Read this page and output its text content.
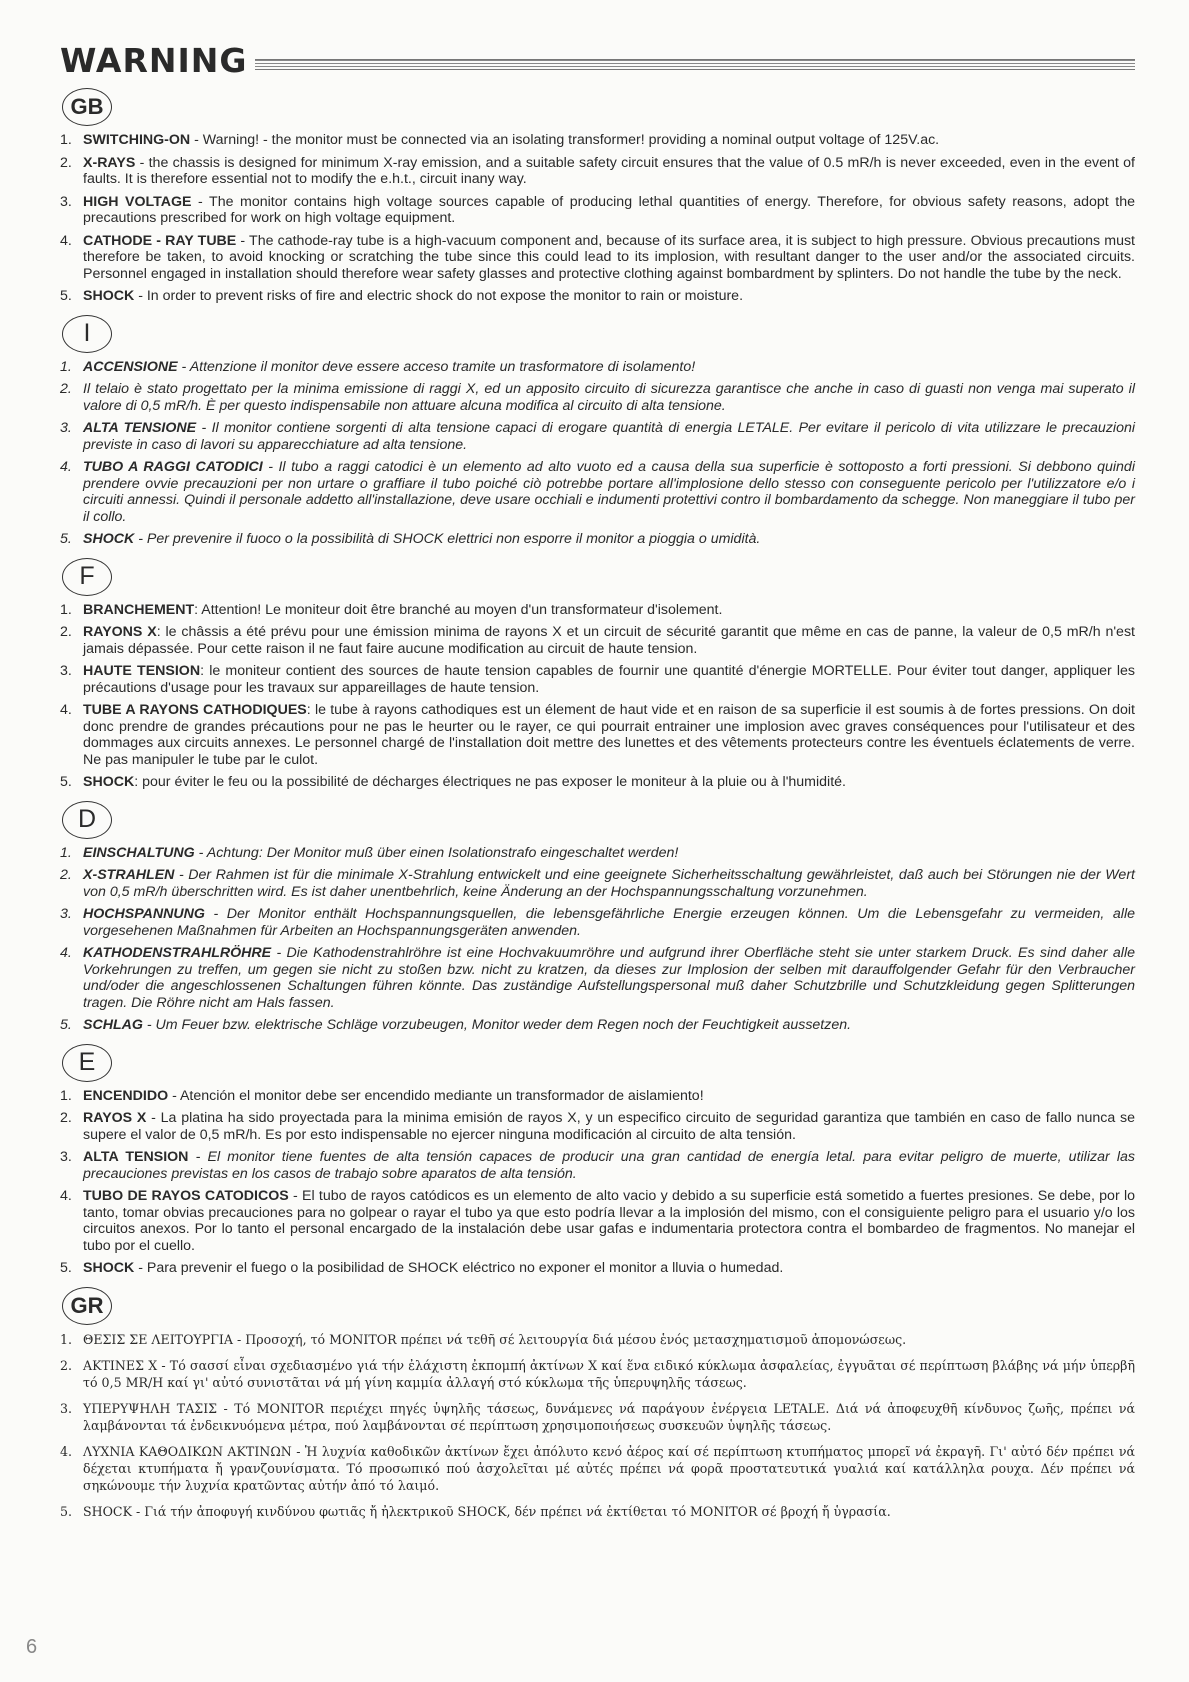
WARNING
GB
1. SWITCHING-ON - Warning! - the monitor must be connected via an isolating transformer! providing a nominal output voltage of 125V.ac.
2. X-RAYS - the chassis is designed for minimum X-ray emission, and a suitable safety circuit ensures that the value of 0.5 mR/h is never exceeded, even in the event of faults. It is therefore essential not to modify the e.h.t., circuit inany way.
3. HIGH VOLTAGE - The monitor contains high voltage sources capable of producing lethal quantities of energy. Therefore, for obvious safety reasons, adopt the precautions prescribed for work on high voltage equipment.
4. CATHODE - RAY TUBE - The cathode-ray tube is a high-vacuum component and, because of its surface area, it is subject to high pressure. Obvious precautions must therefore be taken, to avoid knocking or scratching the tube since this could lead to its implosion, with resultant danger to the user and/or the associated circuits. Personnel engaged in installation should therefore wear safety glasses and protective clothing against bombardment by splinters. Do not handle the tube by the neck.
5. SHOCK - In order to prevent risks of fire and electric shock do not expose the monitor to rain or moisture.
I
1. ACCENSIONE - Attenzione il monitor deve essere acceso tramite un trasformatore di isolamento!
2. Il telaio è stato progettato per la minima emissione di raggi X, ed un apposito circuito di sicurezza garantisce che anche in caso di guasti non venga mai superato il valore di 0,5 mR/h. È per questo indispensabile non attuare alcuna modifica al circuito di alta tensione.
3. ALTA TENSIONE - Il monitor contiene sorgenti di alta tensione capaci di erogare quantità di energia LETALE. Per evitare il pericolo di vita utilizzare le precauzioni previste in caso di lavori su apparecchiature ad alta tensione.
4. TUBO A RAGGI CATODICI - Il tubo a raggi catodici è un elemento ad alto vuoto ed a causa della sua superficie è sottoposto a forti pressioni. Si debbono quindi prendere ovvie precauzioni per non urtare o graffiare il tubo poiché ciò potrebbe portare all'implosione dello stesso con conseguente pericolo per l'utilizzatore e/o i circuiti annessi. Quindi il personale addetto all'installazione, deve usare occhiali e indumenti protettivi contro il bombardamento da schegge. Non maneggiare il tubo per il collo.
5. SHOCK - Per prevenire il fuoco o la possibilità di SHOCK elettrici non esporre il monitor a pioggia o umidità.
F
1. BRANCHEMENT: Attention! Le moniteur doit être branché au moyen d'un transformateur d'isolement.
2. RAYONS X: le châssis a été prévu pour une émission minima de rayons X et un circuit de sécurité garantit que même en cas de panne, la valeur de 0,5 mR/h n'est jamais dépassée. Pour cette raison il ne faut faire aucune modification au circuit de haute tension.
3. HAUTE TENSION: le moniteur contient des sources de haute tension capables de fournir une quantité d'énergie MORTELLE. Pour éviter tout danger, appliquer les précautions d'usage pour les travaux sur appareillages de haute tension.
4. TUBE A RAYONS CATHODIQUES: le tube à rayons cathodiques est un élement de haut vide et en raison de sa superficie il est soumis à de fortes pressions. On doit donc prendre de grandes précautions pour ne pas le heurter ou le rayer, ce qui pourrait entrainer une implosion avec graves conséquences pour l'utilisateur et des dommages aux circuits annexes. Le personnel chargé de l'installation doit mettre des lunettes et des vêtements protecteurs contre les éventuels éclatements de verre. Ne pas manipuler le tube par le culot.
5. SHOCK: pour éviter le feu ou la possibilité de décharges électriques ne pas exposer le moniteur à la pluie ou à l'humidité.
D
1. EINSCHALTUNG - Achtung: Der Monitor muß über einen Isolationstrafo eingeschaltet werden!
2. X-STRAHLEN - Der Rahmen ist für die minimale X-Strahlung entwickelt und eine geeignete Sicherheitsschaltung gewährleistet, daß auch bei Störungen nie der Wert von 0,5 mR/h überschritten wird. Es ist daher unentbehrlich, keine Änderung an der Hochspannungsschaltung vorzunehmen.
3. HOCHSPANNUNG - Der Monitor enthält Hochspannungsquellen, die lebensgefährliche Energie erzeugen können. Um die Lebensgefahr zu vermeiden, alle vorgesehenen Maßnahmen für Arbeiten an Hochspannungsgeräten anwenden.
4. KATHODENSTRAHLRÖHRE - Die Kathodenstrahlröhre ist eine Hochvakuumröhre und aufgrund ihrer Oberfläche steht sie unter starkem Druck. Es sind daher alle Vorkehrungen zu treffen, um gegen sie nicht zu stoßen bzw. nicht zu kratzen, da dieses zur Implosion der selben mit darauffolgender Gefahr für den Verbraucher und/oder die angeschlossenen Schaltungen führen könnte. Das zuständige Aufstellungspersonal muß daher Schutzbrille und Schutzkleidung gegen Splitterungen tragen. Die Röhre nicht am Hals fassen.
5. SCHLAG - Um Feuer bzw. elektrische Schläge vorzubeugen, Monitor weder dem Regen noch der Feuchtigkeit aussetzen.
E
1. ENCENDIDO - Atención el monitor debe ser encendido mediante un transformador de aislamiento!
2. RAYOS X - La platina ha sido proyectada para la minima emisión de rayos X, y un especifico circuito de seguridad garantiza que también en caso de fallo nunca se supere el valor de 0,5 mR/h. Es por esto indispensable no ejercer ninguna modificación al circuito de alta tensión.
3. ALTA TENSION - El monitor tiene fuentes de alta tensión capaces de producir una gran cantidad de energía letal. para evitar peligro de muerte, utilizar las precauciones previstas en los casos de trabajo sobre aparatos de alta tensión.
4. TUBO DE RAYOS CATODICOS - El tubo de rayos catódicos es un elemento de alto vacio y debido a su superficie está sometido a fuertes presiones. Se debe, por lo tanto, tomar obvias precauciones para no golpear o rayar el tubo ya que esto podría llevar a la implosión del mismo, con el consiguiente peligro para el usuario y/o los circuitos anexos. Por lo tanto el personal encargado de la instalación debe usar gafas e indumentaria protectora contra el bombardeo de fragmentos. No manejar el tubo por el cuello.
5. SHOCK - Para prevenir el fuego o la posibilidad de SHOCK eléctrico no exponer el monitor a lluvia o humedad.
GR
1. ΘΕΣΙΣ ΣΕ ΛΕΙΤΟΥΡΓΙΑ - Προσοχή, τό MONITOR πρέπει νά τεθῆ σέ λειτουργία διά μέσου ἑνός μετασχηματισμοῦ ἀπομονώσεως.
2. ΑΚΤΙΝΕΣ Χ - Τό σασσί εἶναι σχεδιασμένο γιά τήν ἐλάχιστη ἐκπομπή ἀκτίνων Χ καί ἕνα ειδικό κύκλωμα ἀσφαλείας, ἐγγυᾶται σέ περίπτωση βλάβης νά μήν ὑπερβῆ τό 0,5 MR/H καί γι' αὐτό συνιστᾶται νά μή γίνη καμμία ἀλλαγή στό κύκλωμα τῆς ὑπερυψηλῆς τάσεως.
3. ΥΠΕΡΥΨΗΛΗ ΤΑΣΙΣ - Τό MONITOR περιέχει πηγές ὑψηλῆς τάσεως, δυνάμενες νά παράγουν ἐνέργεια LETALE. Διά νά ἀποφευχθῆ κίνδυνος ζωῆς, πρέπει νά λαμβάνονται τά ἐνδεικνυόμενα μέτρα, πού λαμβάνονται σέ περίπτωση χρησιμοποιήσεως συσκευῶν ὑψηλῆς τάσεως.
4. ΛΥΧΝΙΑ ΚΑΘΟΔΙΚΩΝ ΑΚΤΙΝΩΝ - Ἡ λυχνία καθοδικῶν ἀκτίνων ἔχει ἀπόλυτο κενό ἀέρος καί σέ περίπτωση κτυπήματος μπορεῖ νά ἐκραγῆ. Γι' αὐτό δέν πρέπει νά δέχεται κτυπήματα ἤ γρανζουνίσματα. Τό προσωπικό πού ἀσχολεῖται μέ αὐτές πρέπει νά φορᾶ προστατευτικά γυαλιά καί κατάλληλα ρουχα. Δέν πρέπει νά σηκώνουμε τήν λυχνία κρατῶντας αὐτήν ἀπό τό λαιμό.
5. SHOCK - Γιά τήν ἀποφυγή κινδύνου φωτιᾶς ἤ ἠλεκτρικοῦ SHOCK, δέν πρέπει νά ἐκτίθεται τό MONITOR σέ βροχή ἤ ὑγρασία.
6
